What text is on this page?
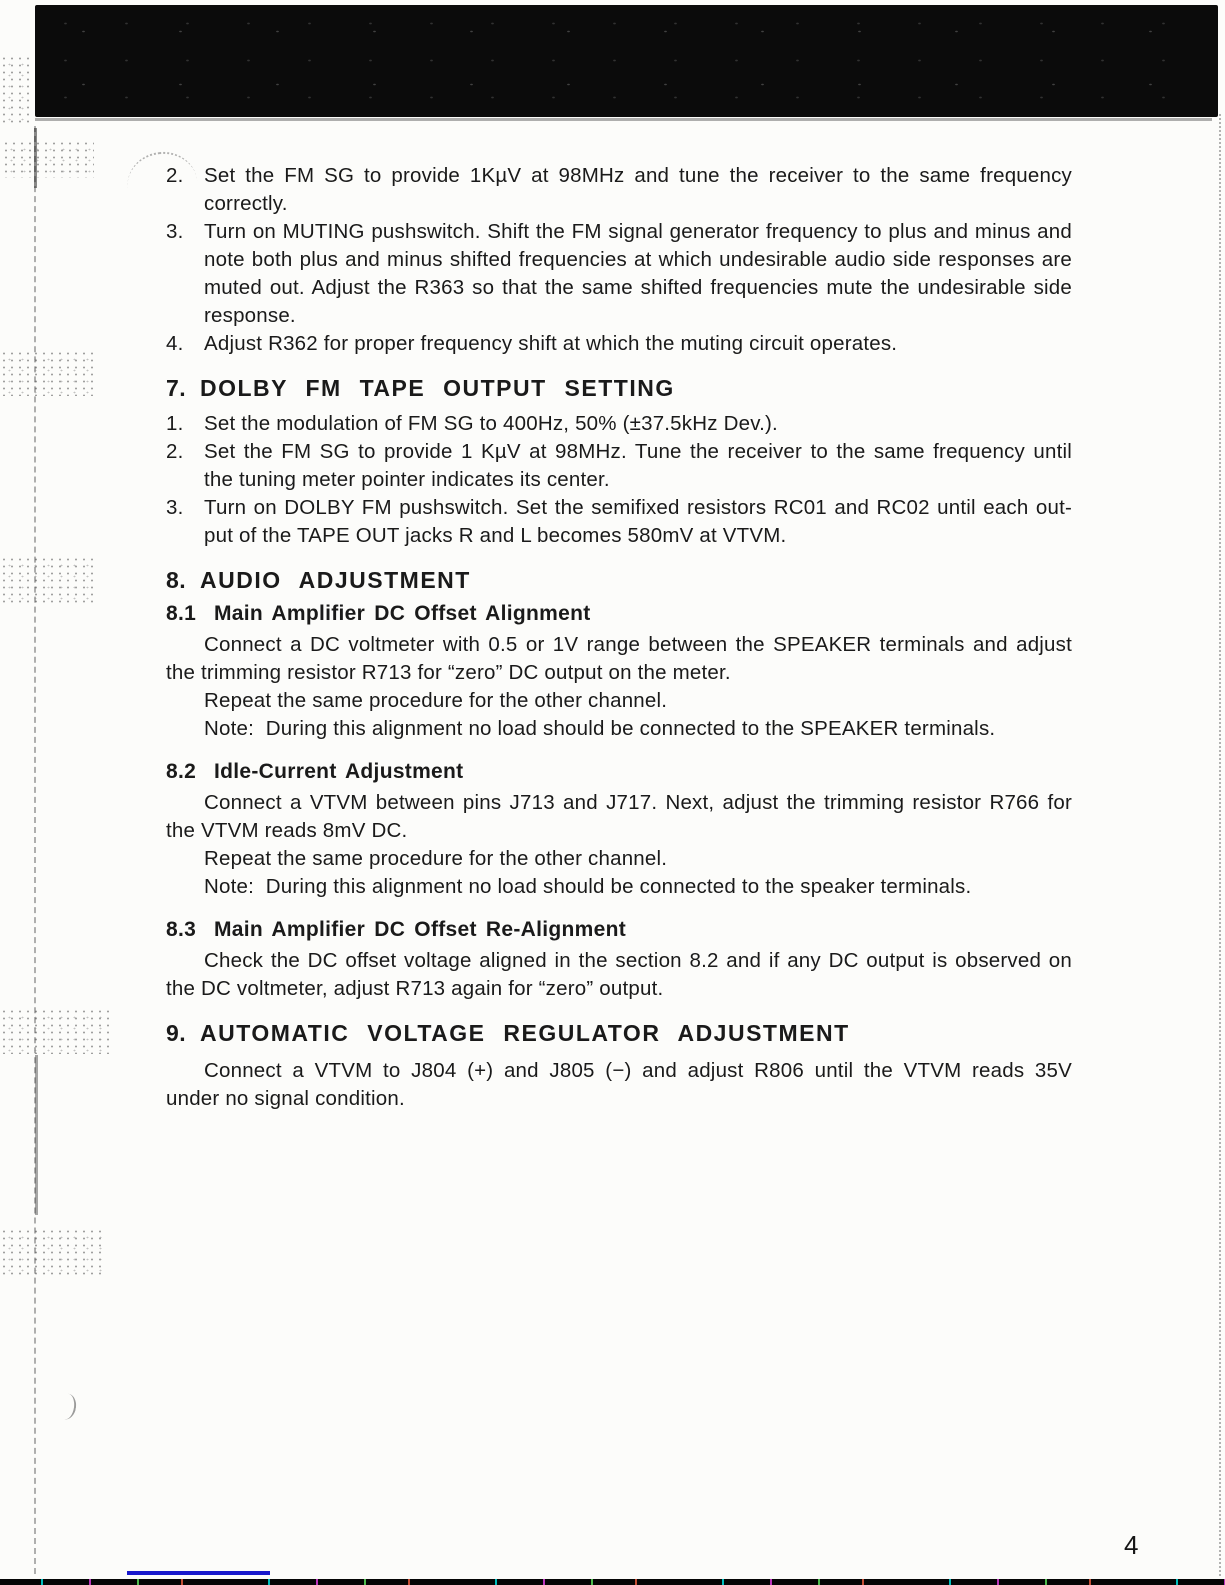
2.	Set the FM SG to provide 1KµV at 98MHz and tune the receiver to the same frequency
correctly.
3.	Turn on MUTING pushswitch. Shift the FM signal generator frequency to plus and minus and
note both plus and minus shifted frequencies at which undesirable audio side responses are
muted out. Adjust the R363 so that the same shifted frequencies mute the undesirable side
response.
4.	Adjust R362 for proper frequency shift at which the muting circuit operates.
7. DOLBY FM TAPE OUTPUT SETTING
1.	Set the modulation of FM SG to 400Hz, 50% (±37.5kHz Dev.).
2.	Set the FM SG to provide 1 KµV at 98MHz. Tune the receiver to the same frequency until
the tuning meter pointer indicates its center.
3.	Turn on DOLBY FM pushswitch. Set the semifixed resistors RC01 and RC02 until each out-
put of the TAPE OUT jacks R and L becomes 580mV at VTVM.
8. AUDIO ADJUSTMENT
8.1 Main Amplifier DC Offset Alignment

Connect a DC voltmeter with 0.5 or 1V range between the SPEAKER terminals and adjust
the trimming resistor R713 for “zero” DC output on the meter.

Repeat the same procedure for the other channel.

Note:  During this alignment no load should be connected to the SPEAKER terminals.

8.2 Idle-Current Adjustment

Connect a VTVM between pins J713 and J717. Next, adjust the trimming resistor R766 for
the VTVM reads 8mV DC.

Repeat the same procedure for the other channel.

Note:  During this alignment no load should be connected to the speaker terminals.

8.3 Main Amplifier DC Offset Re-Alignment

Check the DC offset voltage aligned in the section 8.2 and if any DC output is observed on
the DC voltmeter, adjust R713 again for “zero” output.

9. AUTOMATIC VOLTAGE REGULATOR ADJUSTMENT

Connect a VTVM to J804 (+) and J805 (−) and adjust R806 until the VTVM reads 35V
under no signal condition.

4
